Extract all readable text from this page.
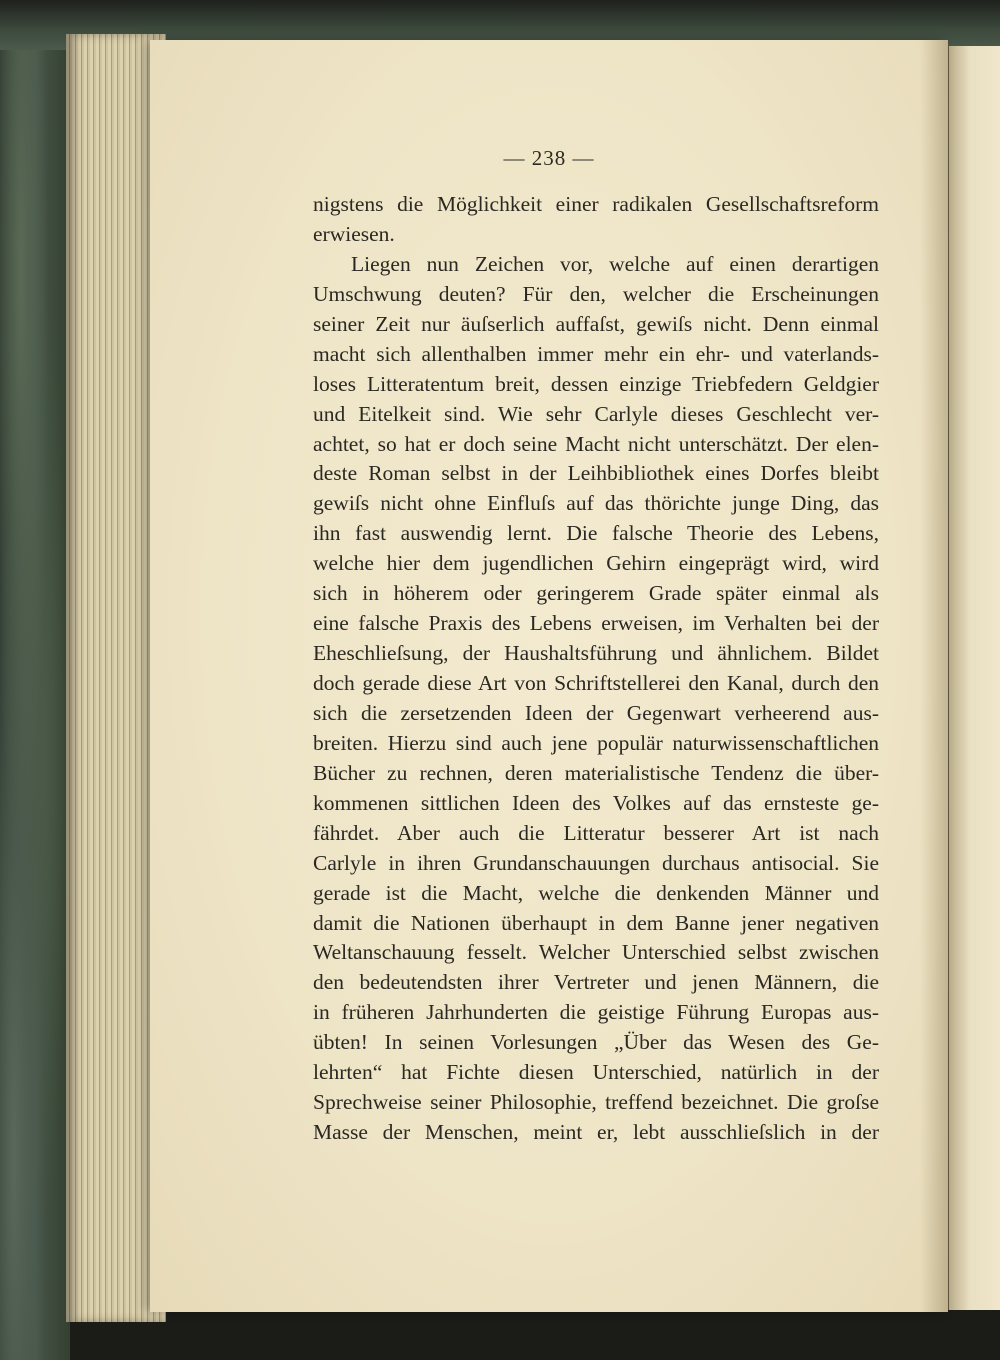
— 238 —
nigstens die Möglichkeit einer radikalen Gesellschaftsreform
erwiesen.
Liegen nun Zeichen vor, welche auf einen derartigen
Umschwung deuten? Für den, welcher die Erscheinungen
seiner Zeit nur äuſserlich auffaſst, gewiſs nicht. Denn einmal
macht sich allenthalben immer mehr ein ehr- und vaterlands-
loses Litteratentum breit, dessen einzige Triebfedern Geldgier
und Eitelkeit sind. Wie sehr Carlyle dieses Geschlecht ver-
achtet, so hat er doch seine Macht nicht unterschätzt. Der elen-
deste Roman selbst in der Leihbibliothek eines Dorfes bleibt
gewiſs nicht ohne Einfluſs auf das thörichte junge Ding, das
ihn fast auswendig lernt. Die falsche Theorie des Lebens,
welche hier dem jugendlichen Gehirn eingeprägt wird, wird
sich in höherem oder geringerem Grade später einmal als
eine falsche Praxis des Lebens erweisen, im Verhalten bei der
Eheschlieſsung, der Haushaltsführung und ähnlichem. Bildet
doch gerade diese Art von Schriftstellerei den Kanal, durch den
sich die zersetzenden Ideen der Gegenwart verheerend aus-
breiten. Hierzu sind auch jene populär naturwissenschaftlichen
Bücher zu rechnen, deren materialistische Tendenz die über-
kommenen sittlichen Ideen des Volkes auf das ernsteste ge-
fährdet. Aber auch die Litteratur besserer Art ist nach
Carlyle in ihren Grundanschauungen durchaus antisocial. Sie
gerade ist die Macht, welche die denkenden Männer und
damit die Nationen überhaupt in dem Banne jener negativen
Weltanschauung fesselt. Welcher Unterschied selbst zwischen
den bedeutendsten ihrer Vertreter und jenen Männern, die
in früheren Jahrhunderten die geistige Führung Europas aus-
übten! In seinen Vorlesungen „Über das Wesen des Ge-
lehrten“ hat Fichte diesen Unterschied, natürlich in der
Sprechweise seiner Philosophie, treffend bezeichnet. Die groſse
Masse der Menschen, meint er, lebt ausschlieſslich in der
